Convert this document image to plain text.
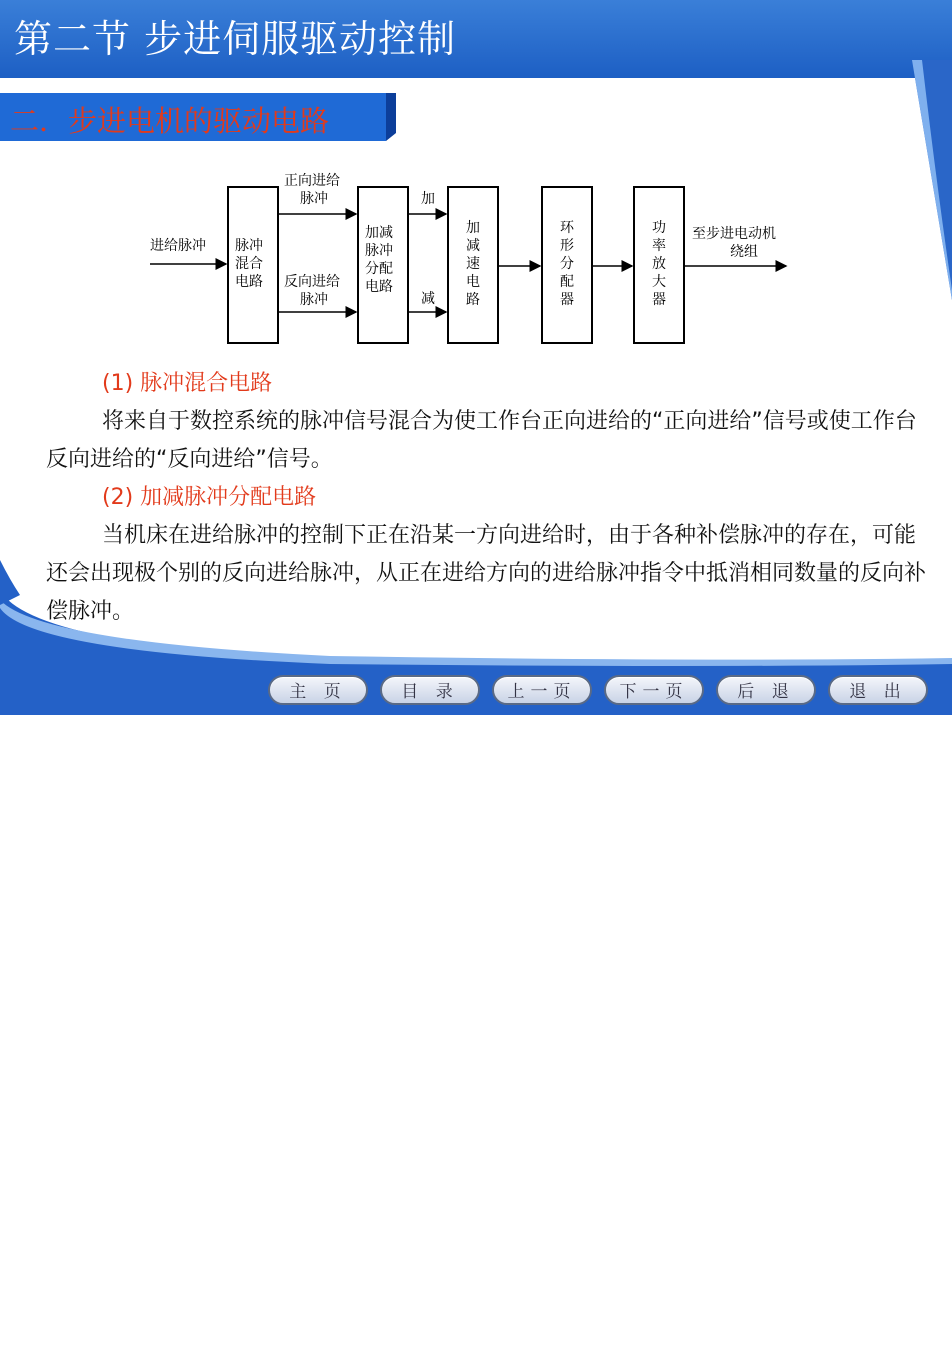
第二节 步进伺服驱动控制
二．步进电机的驱动电路
进给脉冲 脉冲
混合
电路
正向进给
脉冲
反向进给
脉冲
加减
脉冲
分配
电路
加
减
加
减
速
电
路
环
形
分
配
器
功
率
放
大
器
至步进电动机
绕组
(1) 脉冲混合电路
将来自于数控系统的脉冲信号混合为使工作台正向进给的“正向进给”信号或使工作台反向进给的“反向进给”信号。
(2) 加减脉冲分配电路
当机床在进给脉冲的控制下正在沿某一方向进给时，由于各种补偿脉冲的存在，可能还会出现极个别的反向进给脉冲，从正在进给方向的进给脉冲指令中抵消相同数量的反向补偿脉冲。
主 页	目 录	上一页	下一页	后 退	退 出
